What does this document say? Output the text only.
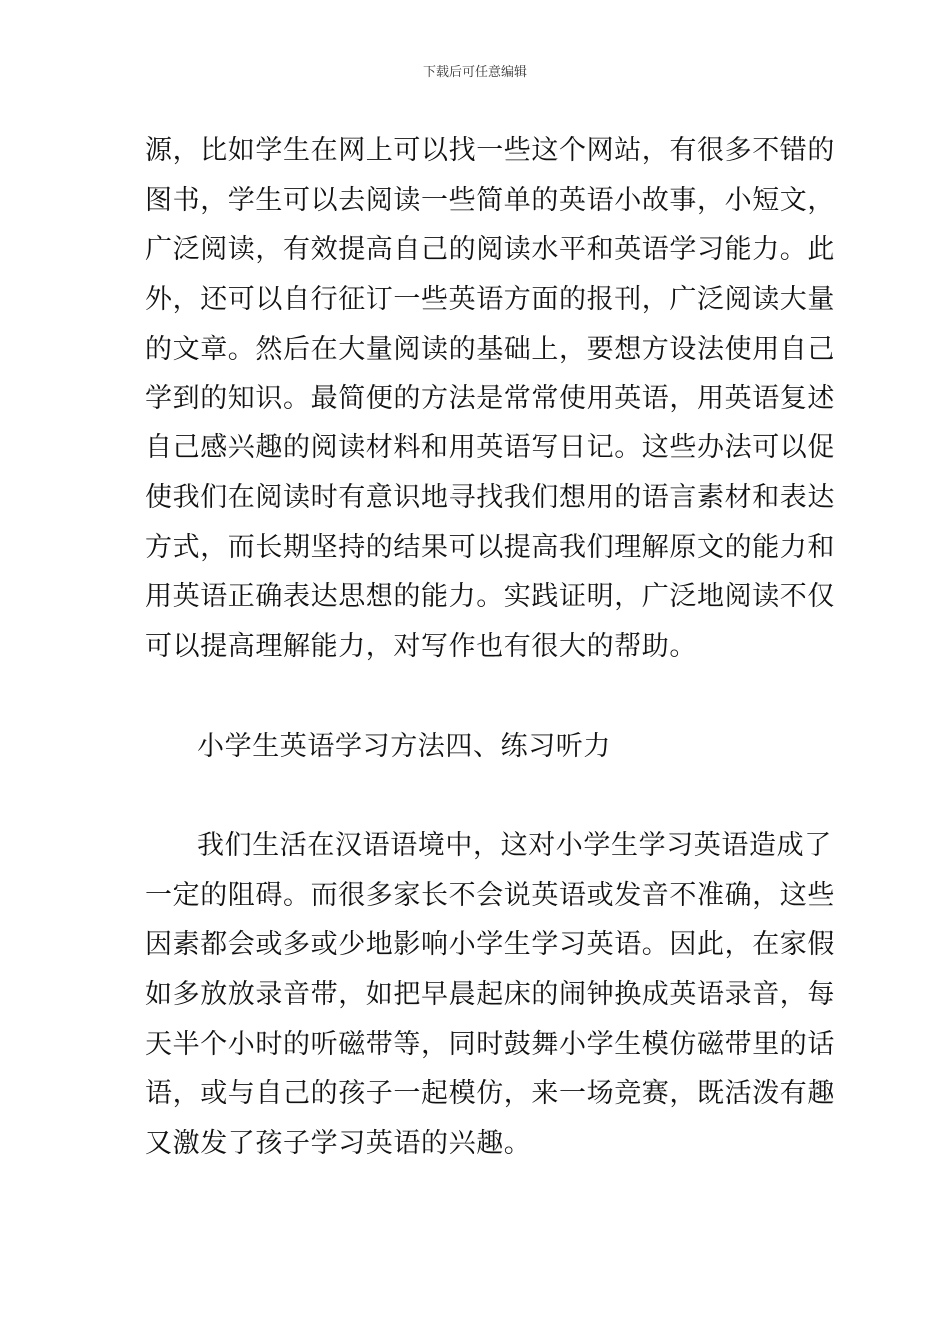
下载后可任意编辑
源，比如学生在网上可以找一些这个网站，有很多不错的
图书，学生可以去阅读一些简单的英语小故事，小短文，
广泛阅读，有效提高自己的阅读水平和英语学习能力。此
外，还可以自行征订一些英语方面的报刊，广泛阅读大量
的文章。然后在大量阅读的基础上，要想方设法使用自己
学到的知识。最简便的方法是常常使用英语，用英语复述
自己感兴趣的阅读材料和用英语写日记。这些办法可以促
使我们在阅读时有意识地寻找我们想用的语言素材和表达
方式，而长期坚持的结果可以提高我们理解原文的能力和
用英语正确表达思想的能力。实践证明，广泛地阅读不仅
可以提高理解能力，对写作也有很大的帮助。
小学生英语学习方法四、练习听力
我们生活在汉语语境中，这对小学生学习英语造成了
一定的阻碍。而很多家长不会说英语或发音不准确，这些
因素都会或多或少地影响小学生学习英语。因此，在家假
如多放放录音带，如把早晨起床的闹钟换成英语录音，每
天半个小时的听磁带等，同时鼓舞小学生模仿磁带里的话
语，或与自己的孩子一起模仿，来一场竞赛，既活泼有趣
又激发了孩子学习英语的兴趣。
